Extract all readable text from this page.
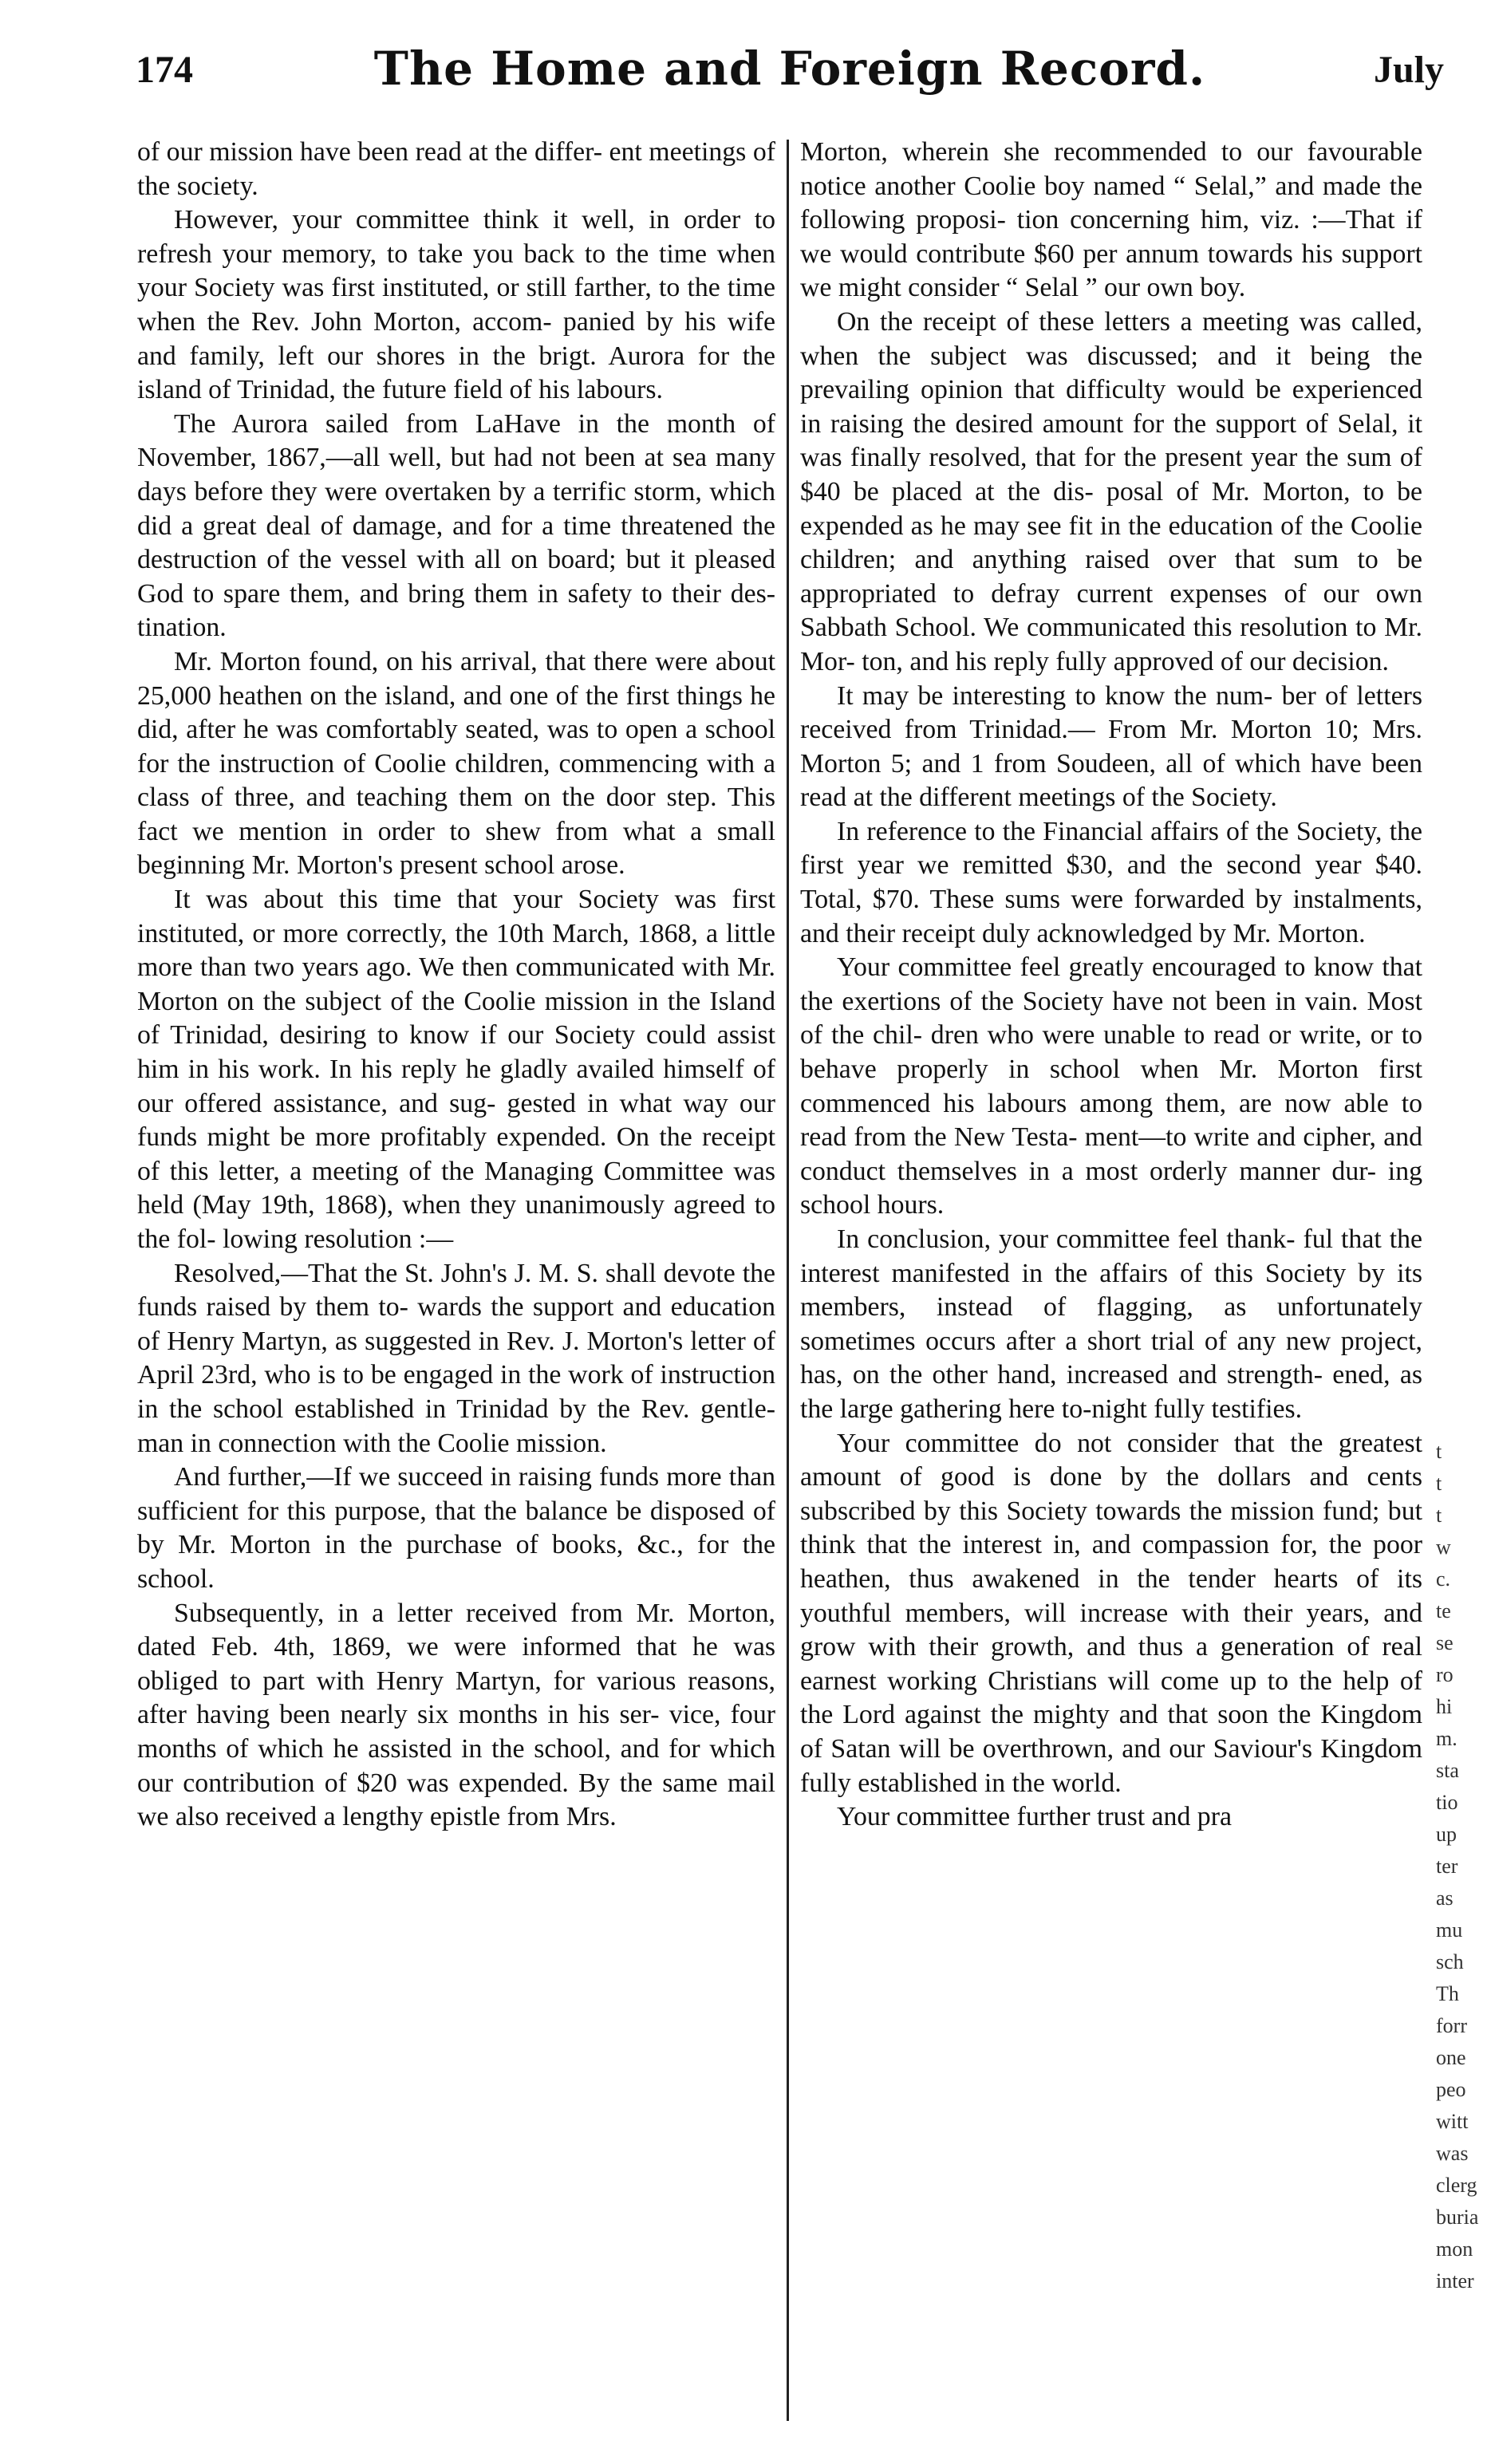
174	The Home and Foreign Record.	July

of our mission have been read at the differ- ent meetings of the society.

However, your committee think it well, in order to refresh your memory, to take you back to the time when your Society was first instituted, or still farther, to the time when the Rev. John Morton, accom- panied by his wife and family, left our shores in the brigt. Aurora for the island of Trinidad, the future field of his labours.

The Aurora sailed from LaHave in the month of November, 1867,—all well, but had not been at sea many days before they were overtaken by a terrific storm, which did a great deal of damage, and for a time threatened the destruction of the vessel with all on board; but it pleased God to spare them, and bring them in safety to their des- tination.

Mr. Morton found, on his arrival, that there were about 25,000 heathen on the island, and one of the first things he did, after he was comfortably seated, was to open a school for the instruction of Coolie children, commencing with a class of three, and teaching them on the door step. This fact we mention in order to shew from what a small beginning Mr. Morton's present school arose.

It was about this time that your Society was first instituted, or more correctly, the 10th March, 1868, a little more than two years ago. We then communicated with Mr. Morton on the subject of the Coolie mission in the Island of Trinidad, desiring to know if our Society could assist him in his work. In his reply he gladly availed himself of our offered assistance, and sug- gested in what way our funds might be more profitably expended. On the receipt of this letter, a meeting of the Managing Committee was held (May 19th, 1868), when they unanimously agreed to the fol- lowing resolution :—

Resolved,—That the St. John's J. M. S. shall devote the funds raised by them to- wards the support and education of Henry Martyn, as suggested in Rev. J. Morton's letter of April 23rd, who is to be engaged in the work of instruction in the school established in Trinidad by the Rev. gentle- man in connection with the Coolie mission.

And further,—If we succeed in raising funds more than sufficient for this purpose, that the balance be disposed of by Mr. Morton in the purchase of books, &c., for the school.

Subsequently, in a letter received from Mr. Morton, dated Feb. 4th, 1869, we were informed that he was obliged to part with Henry Martyn, for various reasons, after having been nearly six months in his ser- vice, four months of which he assisted in the school, and for which our contribution of $20 was expended. By the same mail we also received a lengthy epistle from Mrs.

Morton, wherein she recommended to our favourable notice another Coolie boy named “ Selal,” and made the following proposi- tion concerning him, viz. :—That if we would contribute $60 per annum towards his support we might consider “ Selal ” our own boy.

On the receipt of these letters a meeting was called, when the subject was discussed; and it being the prevailing opinion that difficulty would be experienced in raising the desired amount for the support of Selal, it was finally resolved, that for the present year the sum of $40 be placed at the dis- posal of Mr. Morton, to be expended as he may see fit in the education of the Coolie children; and anything raised over that sum to be appropriated to defray current expenses of our own Sabbath School. We communicated this resolution to Mr. Mor- ton, and his reply fully approved of our decision.

It may be interesting to know the num- ber of letters received from Trinidad.— From Mr. Morton 10; Mrs. Morton 5; and 1 from Soudeen, all of which have been read at the different meetings of the Society.

In reference to the Financial affairs of the Society, the first year we remitted $30, and the second year $40. Total, $70. These sums were forwarded by instalments, and their receipt duly acknowledged by Mr. Morton.

Your committee feel greatly encouraged to know that the exertions of the Society have not been in vain. Most of the chil- dren who were unable to read or write, or to behave properly in school when Mr. Morton first commenced his labours among them, are now able to read from the New Testa- ment—to write and cipher, and conduct themselves in a most orderly manner dur- ing school hours.

In conclusion, your committee feel thank- ful that the interest manifested in the affairs of this Society by its members, instead of flagging, as unfortunately sometimes occurs after a short trial of any new project, has, on the other hand, increased and strength- ened, as the large gathering here to-night fully testifies.

Your committee do not consider that the greatest amount of good is done by the dollars and cents subscribed by this Society towards the mission fund; but think that the interest in, and compassion for, the poor heathen, thus awakened in the tender hearts of its youthful members, will increase with their years, and grow with their growth, and thus a generation of real earnest working Christians will come up to the help of the Lord against the mighty and that soon the Kingdom of Satan will be overthrown, and our Saviour's Kingdom fully established in the world.

Your committee further trust and pra

t
t
t
w
c.
te
se
ro
hi
m.
sta
tio
up
ter
as
mu
sch
Th
forr
one
peo
witt
was
clerg
buria
mon
inter
